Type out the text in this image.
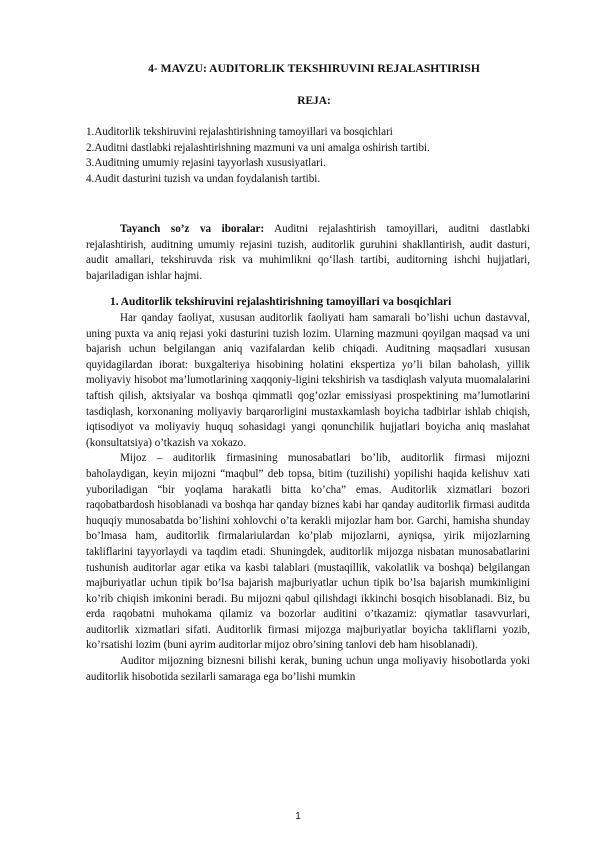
4- MAVZU: AUDITORLIK TEKSHIRUVINI REJALASHTIRISH
REJA:
1.Auditorlik tekshiruvini rejalashtirishning tamoyillari va bosqichlari
2.Auditni dastlabki rejalashtirishning mazmuni va uni amalga oshirish tartibi.
3.Auditning umumiy rejasini tayyorlash xususiyatlari.
4.Audit dasturini tuzish va undan foydalanish tartibi.

Tayanch so’z va iboralar: Auditni rejalashtirish tamoyillari, auditni dastlabki rejalashtirish, auditning umumiy rejasini tuzish, auditorlik guruhini shakllantirish, audit dasturi, audit amallari, tekshiruvda risk va muhimlikni qo‘llash tartibi, auditorning ishchi hujjatlari, bajariladigan ishlar hajmi.

1. Auditorlik tekshiruvini rejalashtirishning tamoyillari va bosqichlari

Har qanday faoliyat, xususan auditorlik faoliyati ham samarali bo’lishi uchun dastavval, uning puxta va aniq rejasi yoki dasturini tuzish lozim. Ularning mazmuni qoyilgan maqsad va uni bajarish uchun belgilangan aniq vazifalardan kelib chiqadi. Auditning maqsadlari xususan quyidagilardan iborat: buxgalteriya hisobining holatini ekspertiza yo’li bilan baholash, yillik moliyaviy hisobot ma’lumotlarining xaqqoniy-ligini tekshirish va tasdiqlash valyuta muomalalarini taftish qilish, aktsiyalar va boshqa qimmatli qog’ozlar emissiyasi prospektining ma’lumotlarini tasdiqlash, korxonaning moliyaviy barqarorligini mustaxkamlash boyicha tadbirlar ishlab chiqish, iqtisodiyot va moliyaviy huquq sohasidagi yangi qonunchilik hujjatlari boyicha aniq maslahat (konsultatsiya) o’tkazish va xokazo.

Mijoz – auditorlik firmasining munosabatlari bo’lib, auditorlik firmasi mijozni baholaydigan, keyin mijozni “maqbul” deb topsa, bitim (tuzilishi) yopilishi haqida kelishuv xati yuboriladigan “bir yoqlama harakatli bitta ko’cha” emas. Auditorlik xizmatlari bozori raqobatbardosh hisoblanadi va boshqa har qanday biznes kabi har qanday auditorlik firmasi auditda huquqiy munosabatda bo’lishini xohlovchi o’ta kerakli mijozlar ham bor. Garchi, hamisha shunday bo’lmasa ham, auditorlik firmalariulardan ko’plab mijozlarni, ayniqsa, yirik mijozlarning takliflarini tayyorlaydi va taqdim etadi. Shuningdek, auditorlik mijozga nisbatan munosabatlarini tushunish auditorlar agar etika va kasbi talablari (mustaqillik, vakolatlik va boshqa) belgilangan majburiyatlar uchun tipik bo’lsa bajarish majburiyatlar uchun tipik bo’lsa bajarish mumkinligini ko’rib chiqish imkonini beradi. Bu mijozni qabul qilishdagi ikkinchi bosqich hisoblanadi. Biz, bu erda raqobatni muhokama qilamiz va bozorlar auditini o’tkazamiz: qiymatlar tasavvurlari, auditorlik xizmatlari sifati. Auditorlik firmasi mijozga majburiyatlar boyicha takliflarni yozib, ko’rsatishi lozim (buni ayrim auditorlar mijoz obro’sining tanlovi deb ham hisoblanadi).

Auditor mijozning biznesni bilishi kerak, buning uchun unga moliyaviy hisobotlarda yoki auditorlik hisobotida sezilarli samaraga ega bo’lishi mumkin

1
